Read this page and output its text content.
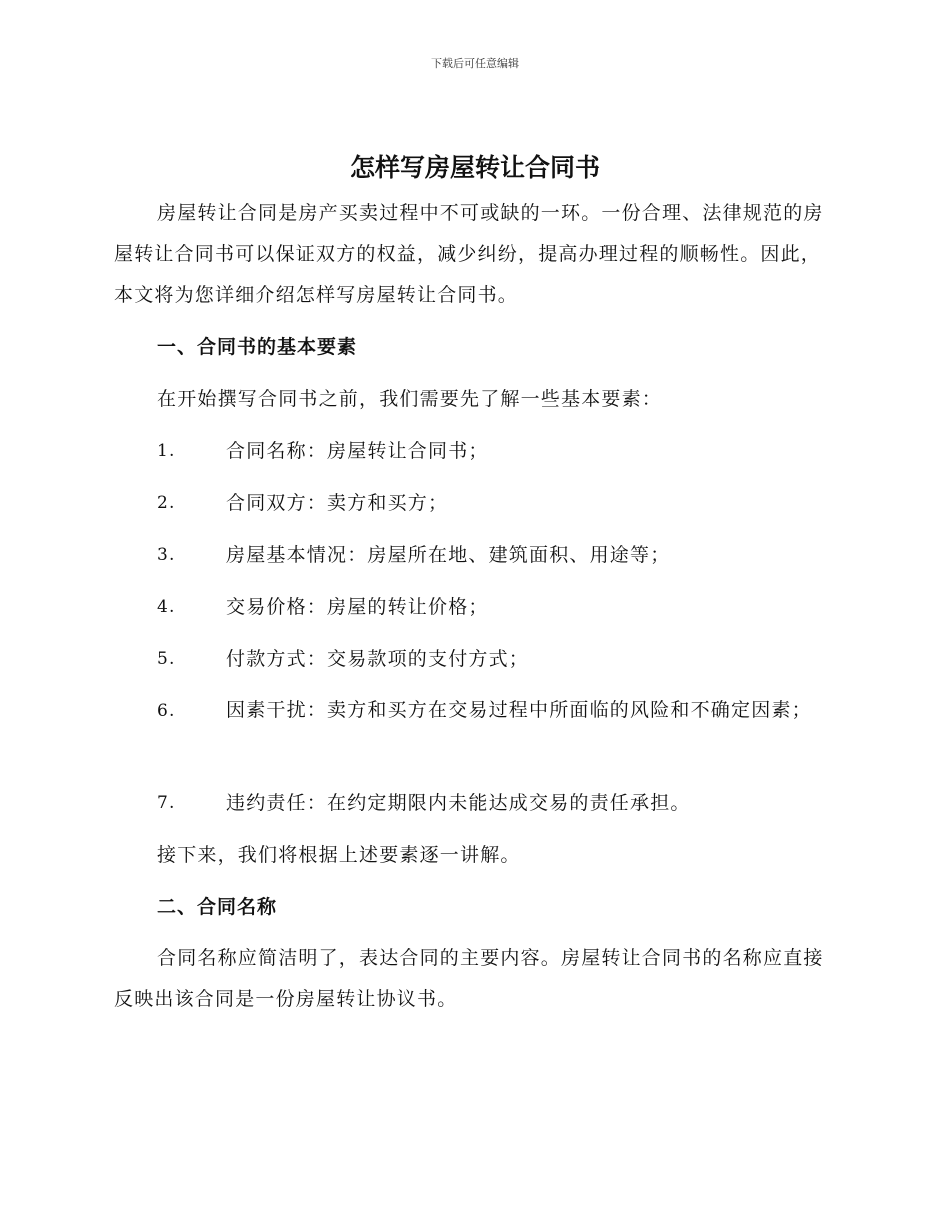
下载后可任意编辑
怎样写房屋转让合同书

房屋转让合同是房产买卖过程中不可或缺的一环。一份合理、法律规范的房屋转让合同书可以保证双方的权益，减少纠纷，提高办理过程的顺畅性。因此，本文将为您详细介绍怎样写房屋转让合同书。

一、合同书的基本要素

在开始撰写合同书之前，我们需要先了解一些基本要素：

1.	合同名称：房屋转让合同书；
2.	合同双方：卖方和买方；
3.	房屋基本情况：房屋所在地、建筑面积、用途等；
4.	交易价格：房屋的转让价格；
5.	付款方式：交易款项的支付方式；

6.	因素干扰：卖方和买方在交易过程中所面临的风险和不确定因素；

7.	违约责任：在约定期限内未能达成交易的责任承担。

接下来，我们将根据上述要素逐一讲解。

二、合同名称

合同名称应简洁明了，表达合同的主要内容。房屋转让合同书的名称应直接反映出该合同是一份房屋转让协议书。
